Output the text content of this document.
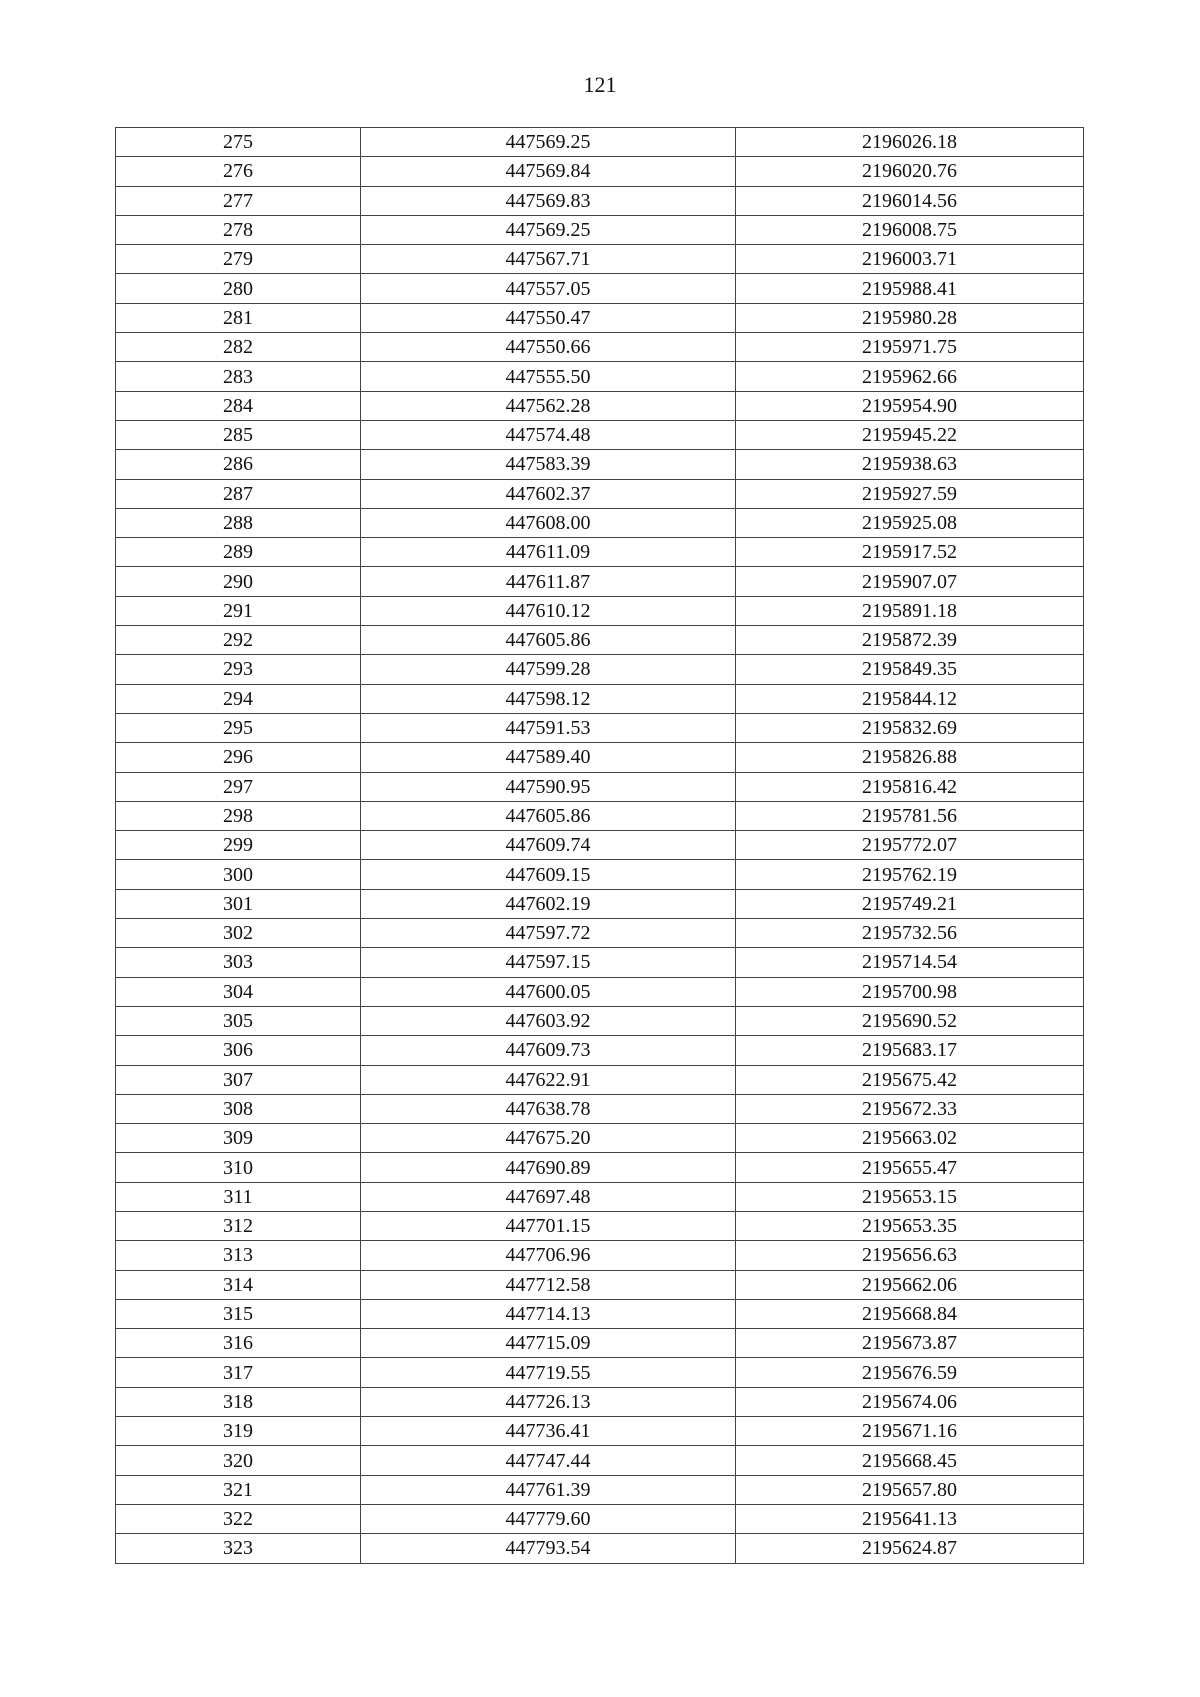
121
275	447569.25	2196026.18
276	447569.84	2196020.76
277	447569.83	2196014.56
278	447569.25	2196008.75
279	447567.71	2196003.71
280	447557.05	2195988.41
281	447550.47	2195980.28
282	447550.66	2195971.75
283	447555.50	2195962.66
284	447562.28	2195954.90
285	447574.48	2195945.22
286	447583.39	2195938.63
287	447602.37	2195927.59
288	447608.00	2195925.08
289	447611.09	2195917.52
290	447611.87	2195907.07
291	447610.12	2195891.18
292	447605.86	2195872.39
293	447599.28	2195849.35
294	447598.12	2195844.12
295	447591.53	2195832.69
296	447589.40	2195826.88
297	447590.95	2195816.42
298	447605.86	2195781.56
299	447609.74	2195772.07
300	447609.15	2195762.19
301	447602.19	2195749.21
302	447597.72	2195732.56
303	447597.15	2195714.54
304	447600.05	2195700.98
305	447603.92	2195690.52
306	447609.73	2195683.17
307	447622.91	2195675.42
308	447638.78	2195672.33
309	447675.20	2195663.02
310	447690.89	2195655.47
311	447697.48	2195653.15
312	447701.15	2195653.35
313	447706.96	2195656.63
314	447712.58	2195662.06
315	447714.13	2195668.84
316	447715.09	2195673.87
317	447719.55	2195676.59
318	447726.13	2195674.06
319	447736.41	2195671.16
320	447747.44	2195668.45
321	447761.39	2195657.80
322	447779.60	2195641.13
323	447793.54	2195624.87
